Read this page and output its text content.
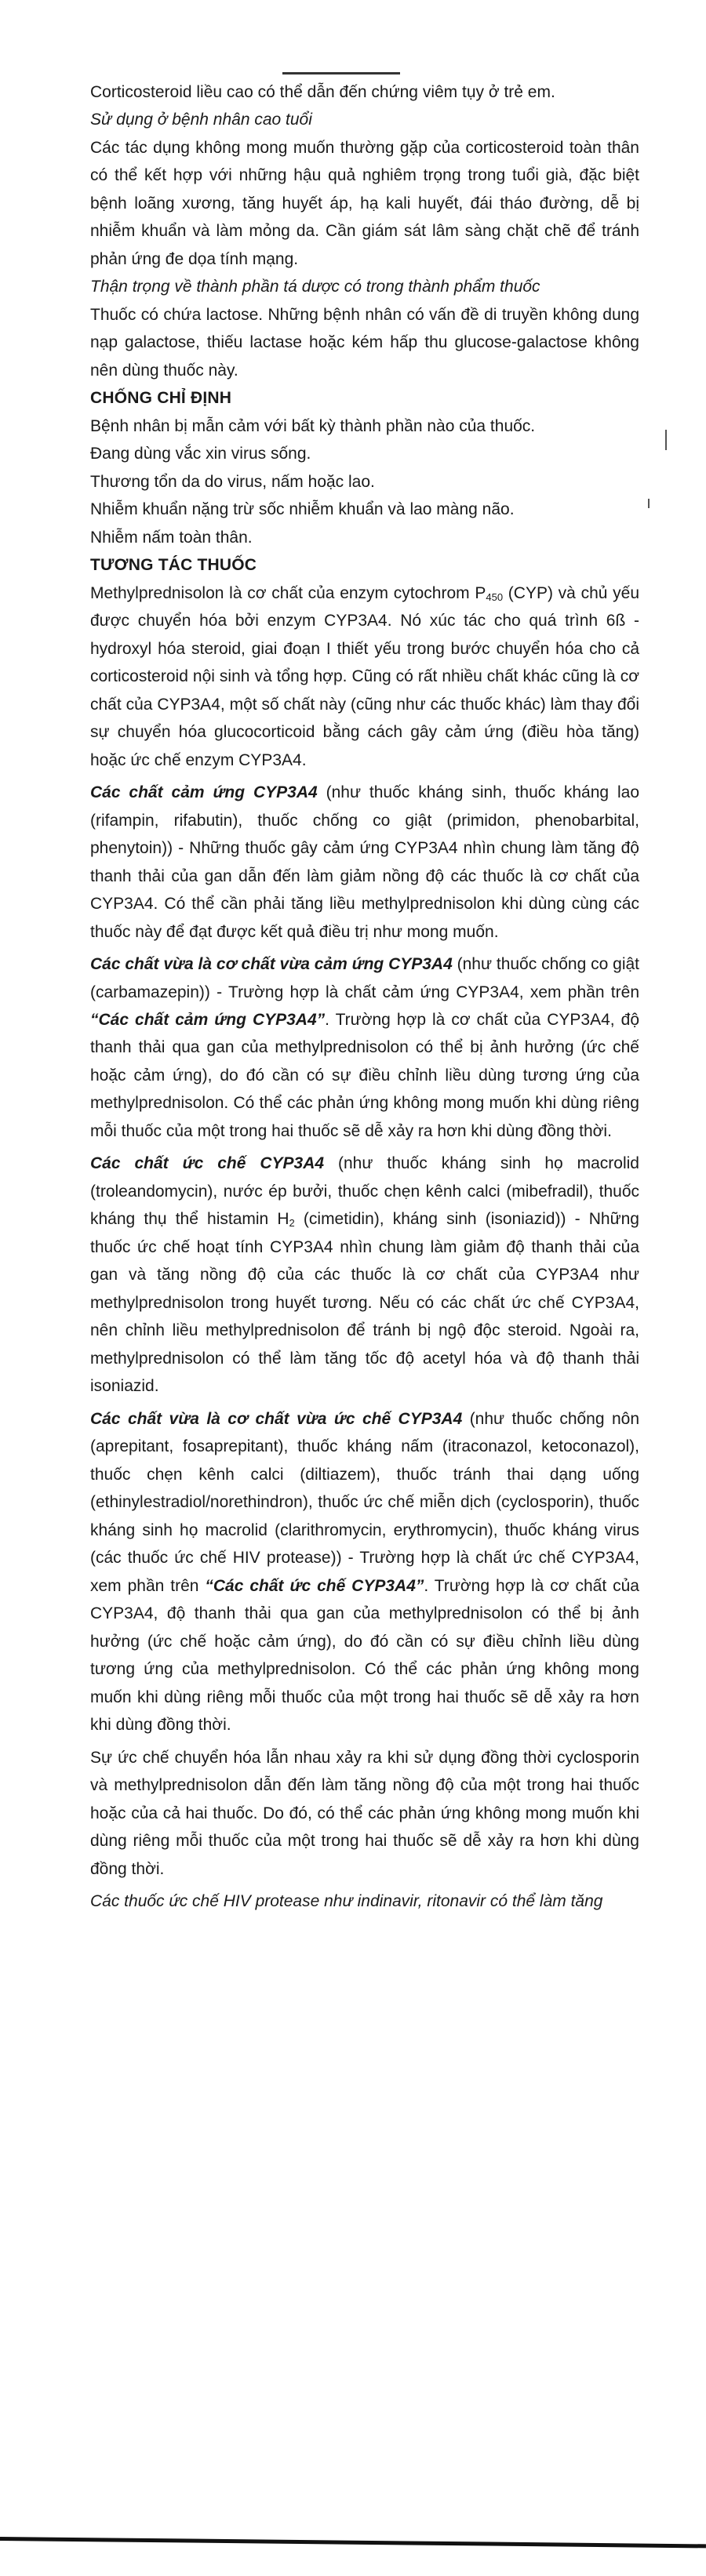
Corticosteroid liều cao có thể dẫn đến chứng viêm tụy ở trẻ em.

Sử dụng ở bệnh nhân cao tuổi

Các tác dụng không mong muốn thường gặp của corticosteroid toàn thân có thể kết hợp với những hậu quả nghiêm trọng trong tuổi già, đặc biệt bệnh loãng xương, tăng huyết áp, hạ kali huyết, đái tháo đường, dễ bị nhiễm khuẩn và làm mỏng da. Cần giám sát lâm sàng chặt chẽ để tránh phản ứng đe dọa tính mạng.

Thận trọng về thành phần tá dược có trong thành phẩm thuốc

Thuốc có chứa lactose. Những bệnh nhân có vấn đề di truyền không dung nạp galactose, thiếu lactase hoặc kém hấp thu glucose-galactose không nên dùng thuốc này.

CHỐNG CHỈ ĐỊNH

Bệnh nhân bị mẫn cảm với bất kỳ thành phần nào của thuốc.

Đang dùng vắc xin virus sống.

Thương tổn da do virus, nấm hoặc lao.

Nhiễm khuẩn nặng trừ sốc nhiễm khuẩn và lao màng não.

Nhiễm nấm toàn thân.

TƯƠNG TÁC THUỐC

Methylprednisolon là cơ chất của enzym cytochrom $P_{450}$ (CYP) và chủ yếu được chuyển hóa bởi enzym CYP3A4. Nó xúc tác cho quá trình 6ß - hydroxyl hóa steroid, giai đoạn I thiết yếu trong bước chuyển hóa cho cả corticosteroid nội sinh và tổng hợp. Cũng có rất nhiều chất khác cũng là cơ chất của CYP3A4, một số chất này (cũng như các thuốc khác) làm thay đổi sự chuyển hóa glucocorticoid bằng cách gây cảm ứng (điều hòa tăng) hoặc ức chế enzym CYP3A4.

Các chất cảm ứng CYP3A4 (như thuốc kháng sinh, thuốc kháng lao (rifampin, rifabutin), thuốc chống co giật (primidon, phenobarbital, phenytoin)) - Những thuốc gây cảm ứng CYP3A4 nhìn chung làm tăng độ thanh thải của gan dẫn đến làm giảm nồng độ các thuốc là cơ chất của CYP3A4. Có thể cần phải tăng liều methylprednisolon khi dùng cùng các thuốc này để đạt được kết quả điều trị như mong muốn.

Các chất vừa là cơ chất vừa cảm ứng CYP3A4 (như thuốc chống co giật (carbamazepin)) - Trường hợp là chất cảm ứng CYP3A4, xem phần trên “Các chất cảm ứng CYP3A4”. Trường hợp là cơ chất của CYP3A4, độ thanh thải qua gan của methylprednisolon có thể bị ảnh hưởng (ức chế hoặc cảm ứng), do đó cần có sự điều chỉnh liều dùng tương ứng của methylprednisolon. Có thể các phản ứng không mong muốn khi dùng riêng mỗi thuốc của một trong hai thuốc sẽ dễ xảy ra hơn khi dùng đồng thời.

Các chất ức chế CYP3A4 (như thuốc kháng sinh họ macrolid (troleandomycin), nước ép bưởi, thuốc chẹn kênh calci (mibefradil), thuốc kháng thụ thể histamin $H_2$ (cimetidin), kháng sinh (isoniazid)) - Những thuốc ức chế hoạt tính CYP3A4 nhìn chung làm giảm độ thanh thải của gan và tăng nồng độ của các thuốc là cơ chất của CYP3A4 như methylprednisolon trong huyết tương. Nếu có các chất ức chế CYP3A4, nên chỉnh liều methylprednisolon để tránh bị ngộ độc steroid. Ngoài ra, methylprednisolon có thể làm tăng tốc độ acetyl hóa và độ thanh thải isoniazid.

Các chất vừa là cơ chất vừa ức chế CYP3A4 (như thuốc chống nôn (aprepitant, fosaprepitant), thuốc kháng nấm (itraconazol, ketoconazol), thuốc chẹn kênh calci (diltiazem), thuốc tránh thai dạng uống (ethinylestradiol/norethindron), thuốc ức chế miễn dịch (cyclosporin), thuốc kháng sinh họ macrolid (clarithromycin, erythromycin), thuốc kháng virus (các thuốc ức chế HIV protease)) - Trường hợp là chất ức chế CYP3A4, xem phần trên “Các chất ức chế CYP3A4”. Trường hợp là cơ chất của CYP3A4, độ thanh thải qua gan của methylprednisolon có thể bị ảnh hưởng (ức chế hoặc cảm ứng), do đó cần có sự điều chỉnh liều dùng tương ứng của methylprednisolon. Có thể các phản ứng không mong muốn khi dùng riêng mỗi thuốc của một trong hai thuốc sẽ dễ xảy ra hơn khi dùng đồng thời.

Sự ức chế chuyển hóa lẫn nhau xảy ra khi sử dụng đồng thời cyclosporin và methylprednisolon dẫn đến làm tăng nồng độ của một trong hai thuốc hoặc của cả hai thuốc. Do đó, có thể các phản ứng không mong muốn khi dùng riêng mỗi thuốc của một trong hai thuốc sẽ dễ xảy ra hơn khi dùng đồng thời.

Các thuốc ức chế HIV protease như indinavir, ritonavir có thể làm tăng
